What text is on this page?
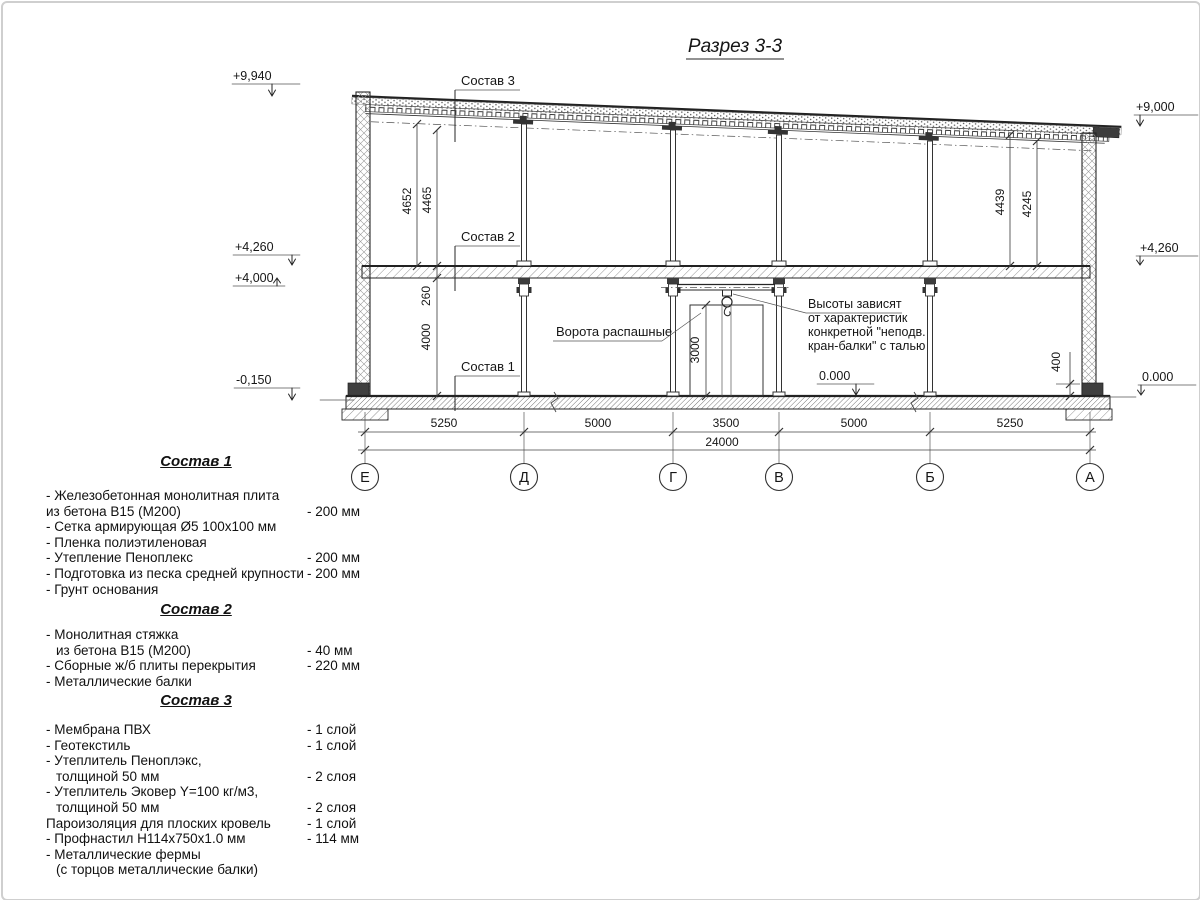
Разрез 3-3
3000
4652 4465
260
4000
4439 4245
400
+9,940
+9,000
+4,260
+4,000
-0,150
+4,260
0.000	0.000
Состав 3
Состав 2
Состав 1
Ворота распашные
Высоты зависят
от характеристик
конкретной "неподв.
кран-балки" с талью
5250	5000	3500	5000	5250
24000
Е	Д	Г	В	Б	А
Состав 1
- Железобетонная монолитная плита
из бетона В15 (М200)	- 200 мм
- Сетка армирующая Ø5 100х100 мм
- Пленка полиэтиленовая
- Утепление Пеноплекс	- 200 мм
- Подготовка из песка средней крупности - 200 мм
- Грунт основания
Состав 2
- Монолитная стяжка
из бетона В15 (М200)	- 40 мм
- Сборные ж/б плиты перекрытия	- 220 мм
- Металлические балки
Состав 3
- Мембрана ПВХ	- 1 слой
- Геотекстиль	- 1 слой
- Утеплитель Пеноплэкс,
толщиной 50 мм	- 2 слоя
- Утеплитель Эковер Y=100 кг/м3,
толщиной 50 мм	- 2 слоя
Пароизоляция для плоских кровель	- 1 слой
- Профнастил Н114х750х1.0 мм	- 114 мм
- Металлические фермы
(с торцов металлические балки)
